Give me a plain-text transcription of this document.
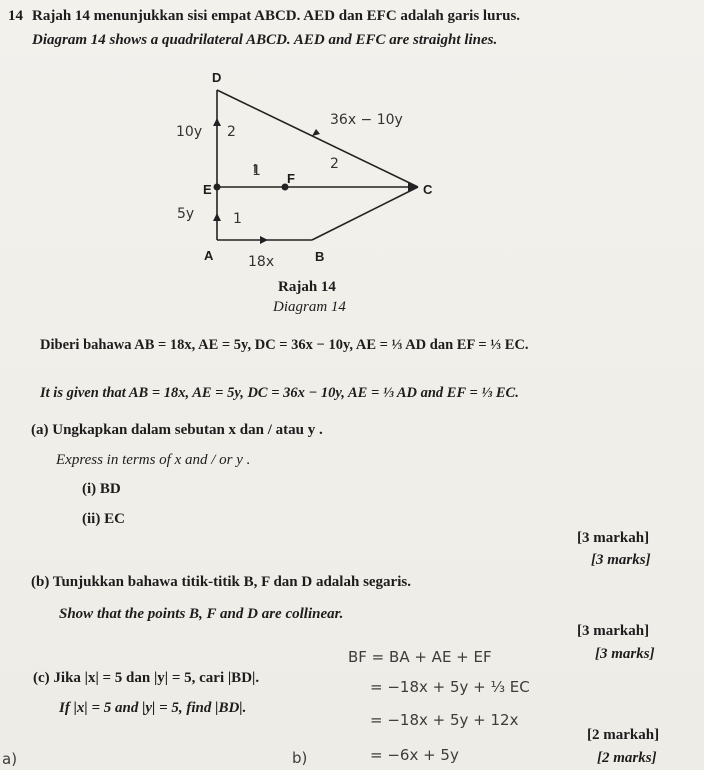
14 Rajah 14 menunjukkan sisi empat ABCD. AED dan EFC adalah garis lurus.
Diagram 14 shows a quadrilateral ABCD. AED and EFC are straight lines.
D
E
F
C
A	B
36x − 10y
10y
5y
18x
2
1
1	2
Rajah 14
Diagram 14
Diberi bahawa AB = 18x, AE = 5y, DC = 36x − 10y, AE = ⅓ AD dan EF = ⅓ EC.
It is given that AB = 18x, AE = 5y, DC = 36x − 10y, AE = ⅓ AD and EF = ⅓ EC.
(a) Ungkapkan dalam sebutan x dan / atau y .
Express in terms of x and / or y .
(i) BD
(ii) EC
[3 markah]
[3 marks]
(b) Tunjukkan bahawa titik-titik B, F dan D adalah segaris.
Show that the points B, F and D are collinear.
[3 markah]
[3 marks]
(c) Jika |x| = 5 dan |y| = 5, cari |BD|.
If |x| = 5 and |y| = 5, find |BD|.
[2 markah]
[2 marks]
BF = BA + AE + EF
= −18x + 5y + ⅓ EC
= −18x + 5y + 12x
= −6x + 5y
b)
a)
